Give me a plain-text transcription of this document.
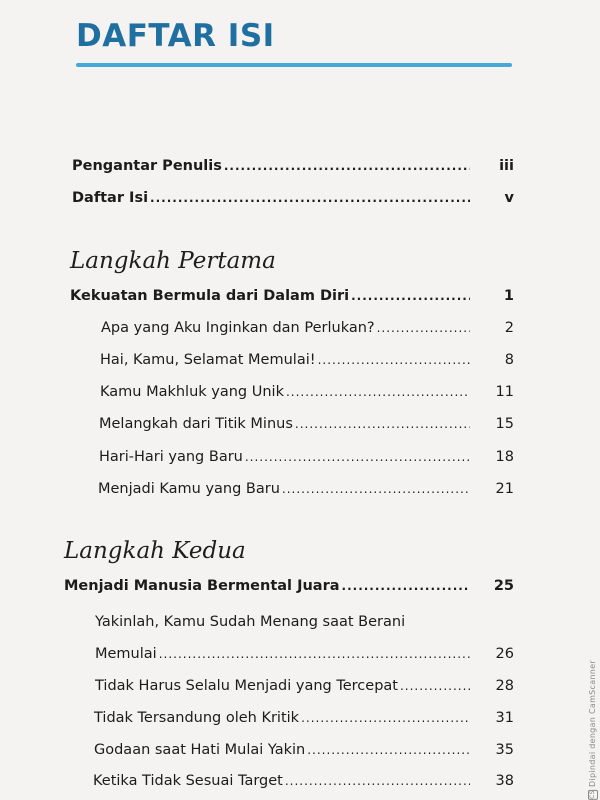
DAFTAR ISI
Pengantar Penulis .....	iii
Daftar Isi .....	v
Langkah Pertama
Kekuatan Bermula dari Dalam Diri .....	1
Apa yang Aku Inginkan dan Perlukan? .....	2
Hai, Kamu, Selamat Memulai! .....	8
Kamu Makhluk yang Unik .....	11
Melangkah dari Titik Minus .....	15
Hari-Hari yang Baru .....	18
Menjadi Kamu yang Baru .....	21
Langkah Kedua
Menjadi Manusia Bermental Juara .....	25
Yakinlah, Kamu Sudah Menang saat Berani
Memulai .....	26
Tidak Harus Selalu Menjadi yang Tercepat .....	28
Tidak Tersandung oleh Kritik .....	31
Godaan saat Hati Mulai Yakin .....	35
Ketika Tidak Sesuai Target .....	38
CS Dipindai dengan CamScanner
